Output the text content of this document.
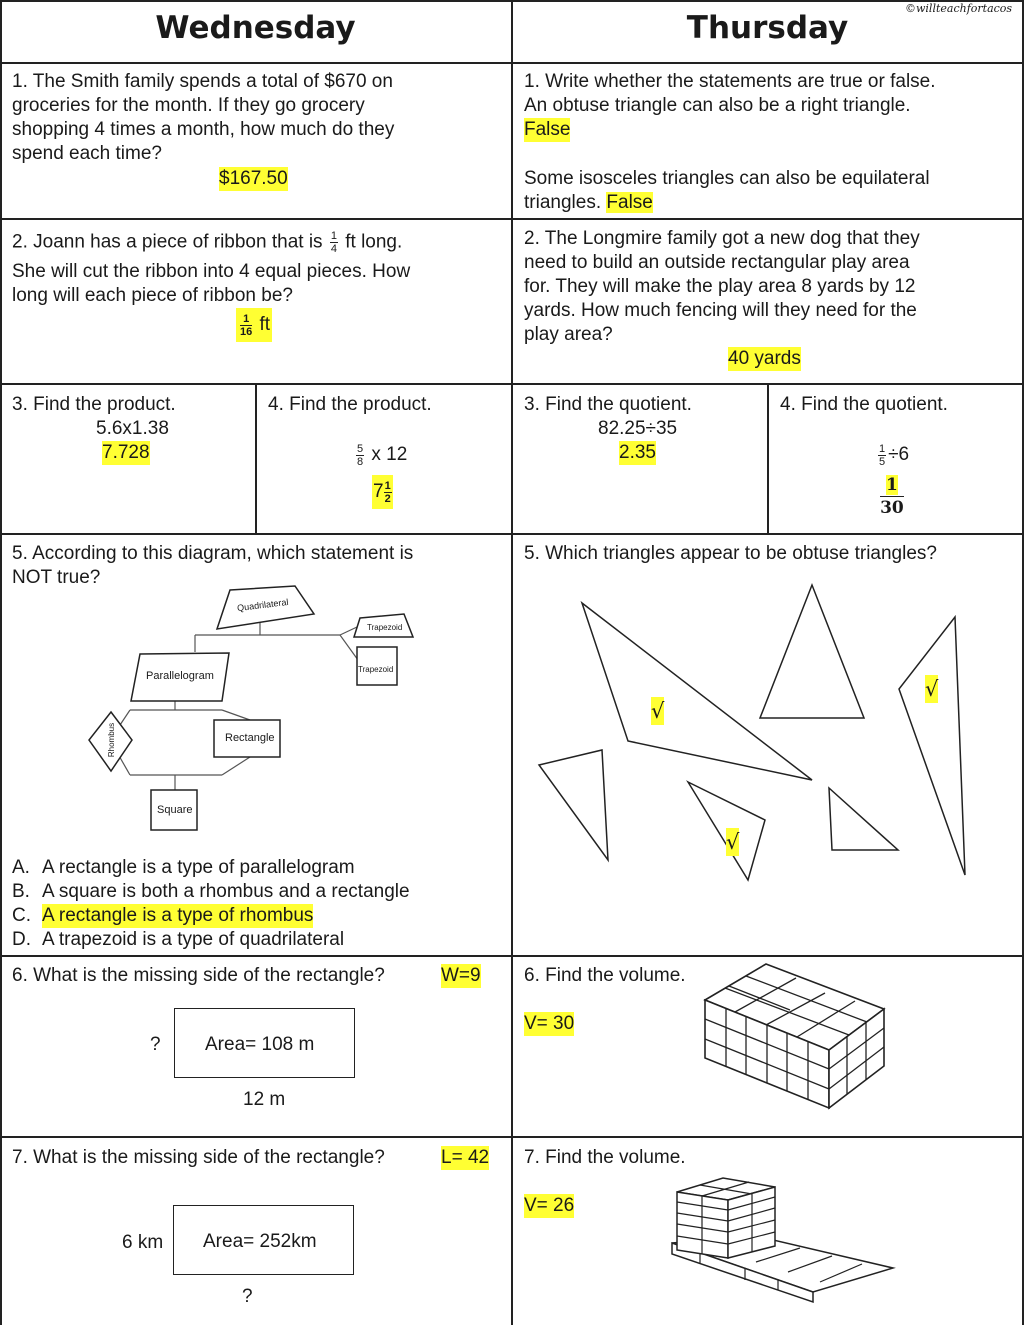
Wednesday	Thursday
©willteachfortacos
1. The Smith family spends a total of $670 on
groceries for the month. If they go grocery
shopping 4 times a month, how much do they
spend each time?
$167.50
2. Joann has a piece of ribbon that is $\frac{1}{4}$ ft long.
She will cut the ribbon into 4 equal pieces. How
long will each piece of ribbon be?
$\frac{1}{16}$ ft
3. Find the product.
5.6x1.38
7.728
4. Find the product.
$\frac{5}{8}$ x 12
$7 \frac{1}{2}$
5. According to this diagram, which statement is
NOT true?
Quadrilateral
Trapezoid
Trapezoid
Parallelogram
Rhombus	Rectangle
Square
A. A rectangle is a type of parallelogram
B. A square is both a rhombus and a rectangle
C. A rectangle is a type of rhombus
D. A trapezoid is a type of quadrilateral
6. What is the missing side of the rectangle?	W=9
? Area= 108 m
12 m
7. What is the missing side of the rectangle?	L= 42
6 km Area= 252km
?
1. Write whether the statements are true or false.
An obtuse triangle can also be a right triangle.
False
Some isosceles triangles can also be equilateral
triangles. False
2. The Longmire family got a new dog that they
need to build an outside rectangular play area
for. They will make the play area 8 yards by 12
yards. How much fencing will they need for the
play area?
40 yards
3. Find the quotient.
82.25÷35
2.35
4. Find the quotient.
$\frac{1}{5} \div 6$
$\frac{1}{30}$
5. Which triangles appear to be obtuse triangles?
√
√
√
6. Find the volume.
V= 30
7. Find the volume.
V= 26
